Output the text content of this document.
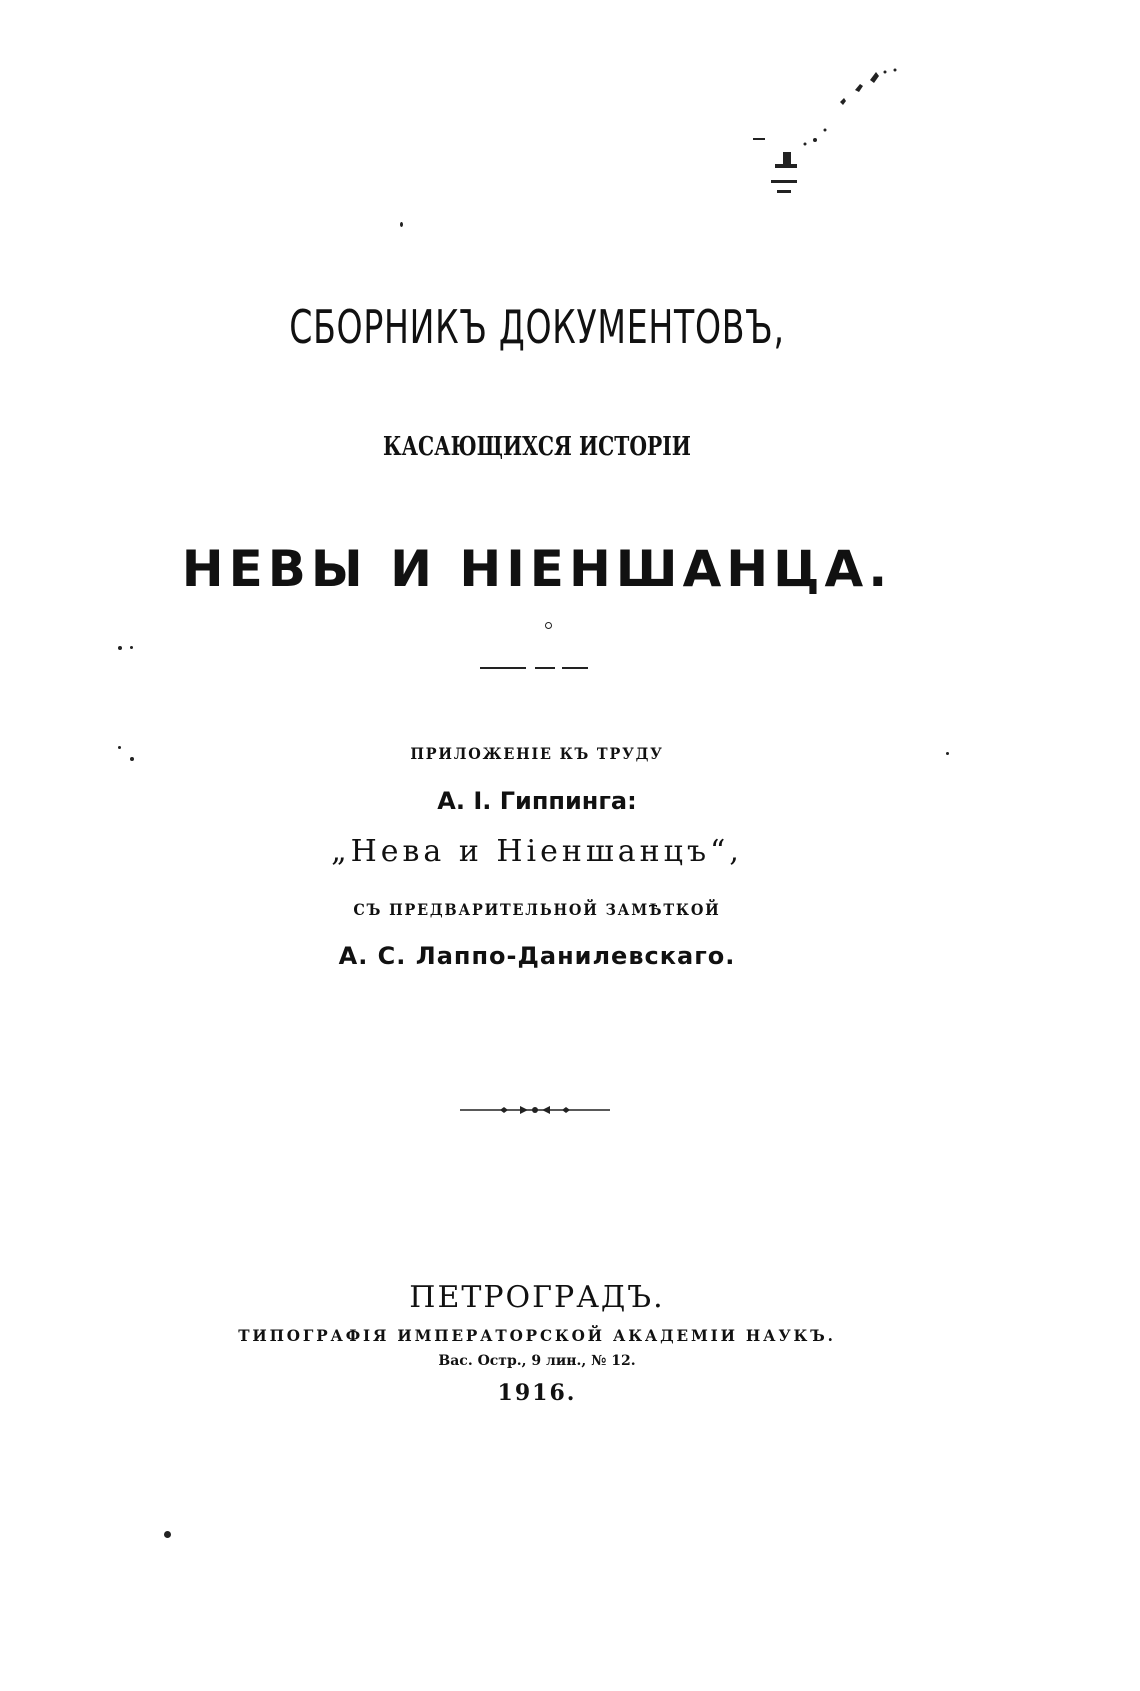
СБОРНИКЪ ДОКУМЕНТОВЪ,
КАСАЮЩИХСЯ ИСТОРІИ
НЕВЫ И НІЕНШАНЦА.
ПРИЛОЖЕНІЕ КЪ ТРУДУ
А. І. Гиппинга:
„Нева и Ніеншанцъ“,
СЪ ПРЕДВАРИТЕЛЬНОЙ ЗАМѢТКОЙ
А. С. Лаппо-Данилевскаго.
ПЕТРОГРАДЪ.
ТИПОГРАФІЯ ИМПЕРАТОРСКОЙ АКАДЕМІИ НАУКЪ.
Вас. Остр., 9 лин., № 12.
1916.
